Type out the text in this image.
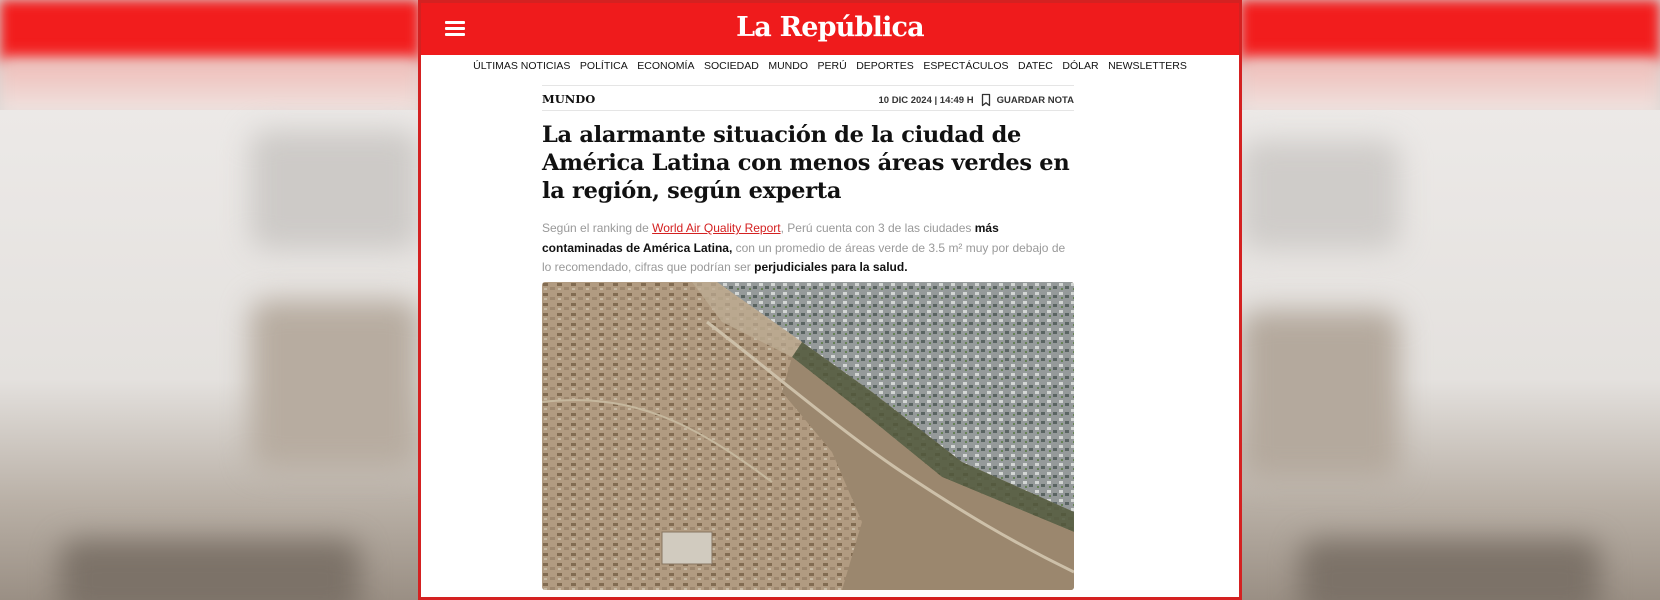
La República
ÚLTIMAS NOTICIAS POLÍTICA ECONOMÍA SOCIEDAD MUNDO PERÚ DEPORTES ESPECTÁCULOS DATEC DÓLAR NEWSLETTERS
MUNDO	10 DIC 2024 | 14:49 H GUARDAR NOTA
La alarmante situación de la ciudad de América Latina con menos áreas verdes en la región, según experta

Según el ranking de World Air Quality Report, Perú cuenta con 3 de las ciudades más contaminadas de América Latina, con un promedio de áreas verde de 3.5 m² muy por debajo de lo recomendado, cifras que podrían ser perjudiciales para la salud.
